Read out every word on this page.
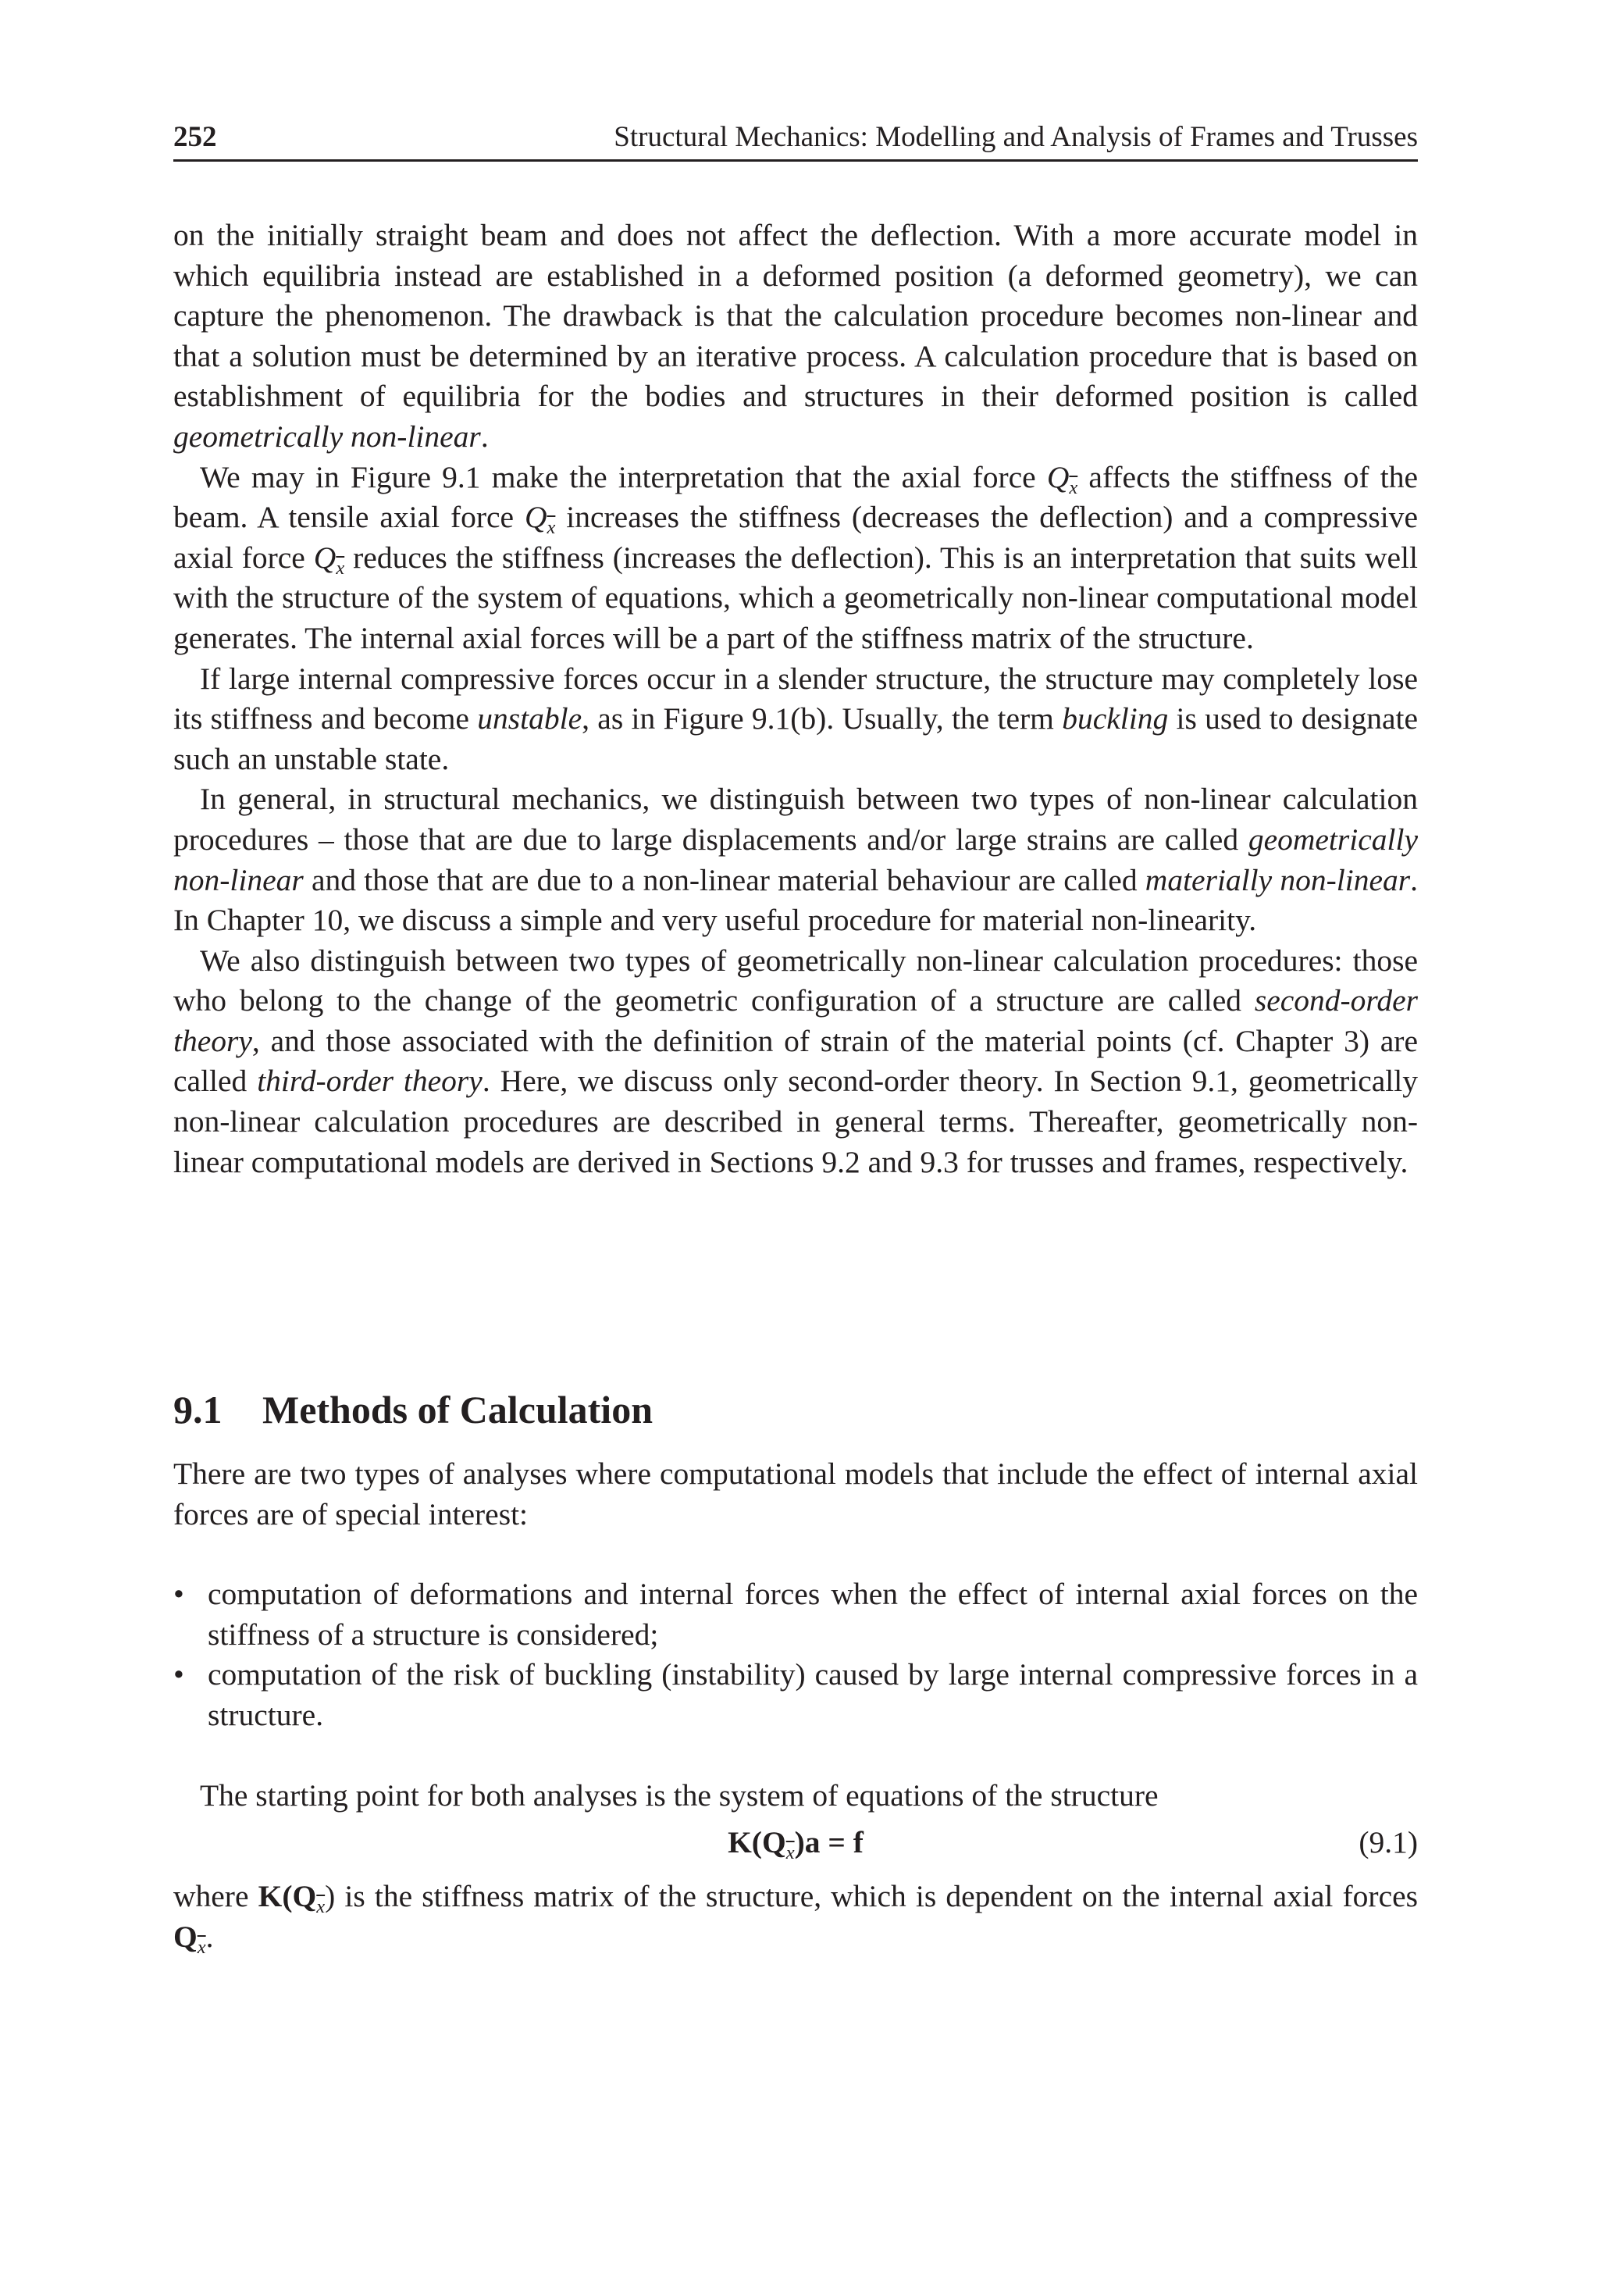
252	Structural Mechanics: Modelling and Analysis of Frames and Trusses

on the initially straight beam and does not affect the deflection. With a more accurate model in which equilibria instead are established in a deformed position (a deformed geometry), we can capture the phenomenon. The drawback is that the calculation procedure becomes non-linear and that a solution must be determined by an iterative process. A calculation procedure that is based on establishment of equilibria for the bodies and structures in their deformed position is called geometrically non-linear.

We may in Figure 9.1 make the interpretation that the axial force $Q_{\overline{x}}$ affects the stiffness of the beam. A tensile axial force $Q_{\overline{x}}$ increases the stiffness (decreases the deflection) and a compressive axial force $Q_{\overline{x}}$ reduces the stiffness (increases the deflection). This is an interpretation that suits well with the structure of the system of equations, which a geometrically non-linear computational model generates. The internal axial forces will be a part of the stiffness matrix of the structure.

If large internal compressive forces occur in a slender structure, the structure may completely lose its stiffness and become unstable, as in Figure 9.1(b). Usually, the term buckling is used to designate such an unstable state.

In general, in structural mechanics, we distinguish between two types of non-linear calculation procedures – those that are due to large displacements and/or large strains are called geometrically non-linear and those that are due to a non-linear material behaviour are called materially non-linear. In Chapter 10, we discuss a simple and very useful procedure for material non-linearity.

We also distinguish between two types of geometrically non-linear calculation procedures: those who belong to the change of the geometric configuration of a structure are called second-order theory, and those associated with the definition of strain of the material points (cf. Chapter 3) are called third-order theory. Here, we discuss only second-order theory. In Section 9.1, geometrically non-linear calculation procedures are described in general terms. Thereafter, geometrically non-linear computational models are derived in Sections 9.2 and 9.3 for trusses and frames, respectively.

9.1 Methods of Calculation

There are two types of analyses where computational models that include the effect of internal axial forces are of special interest:

• computation of deformations and internal forces when the effect of internal axial forces on the stiffness of a structure is considered;
• computation of the risk of buckling (instability) caused by large internal compressive forces in a structure.

The starting point for both analyses is the system of equations of the structure

$K(Q_{\overline{x}})a = f$	(9.1)

where $K(Q_{\overline{x}})$ is the stiffness matrix of the structure, which is dependent on the internal axial forces $Q_{\overline{x}}$.
